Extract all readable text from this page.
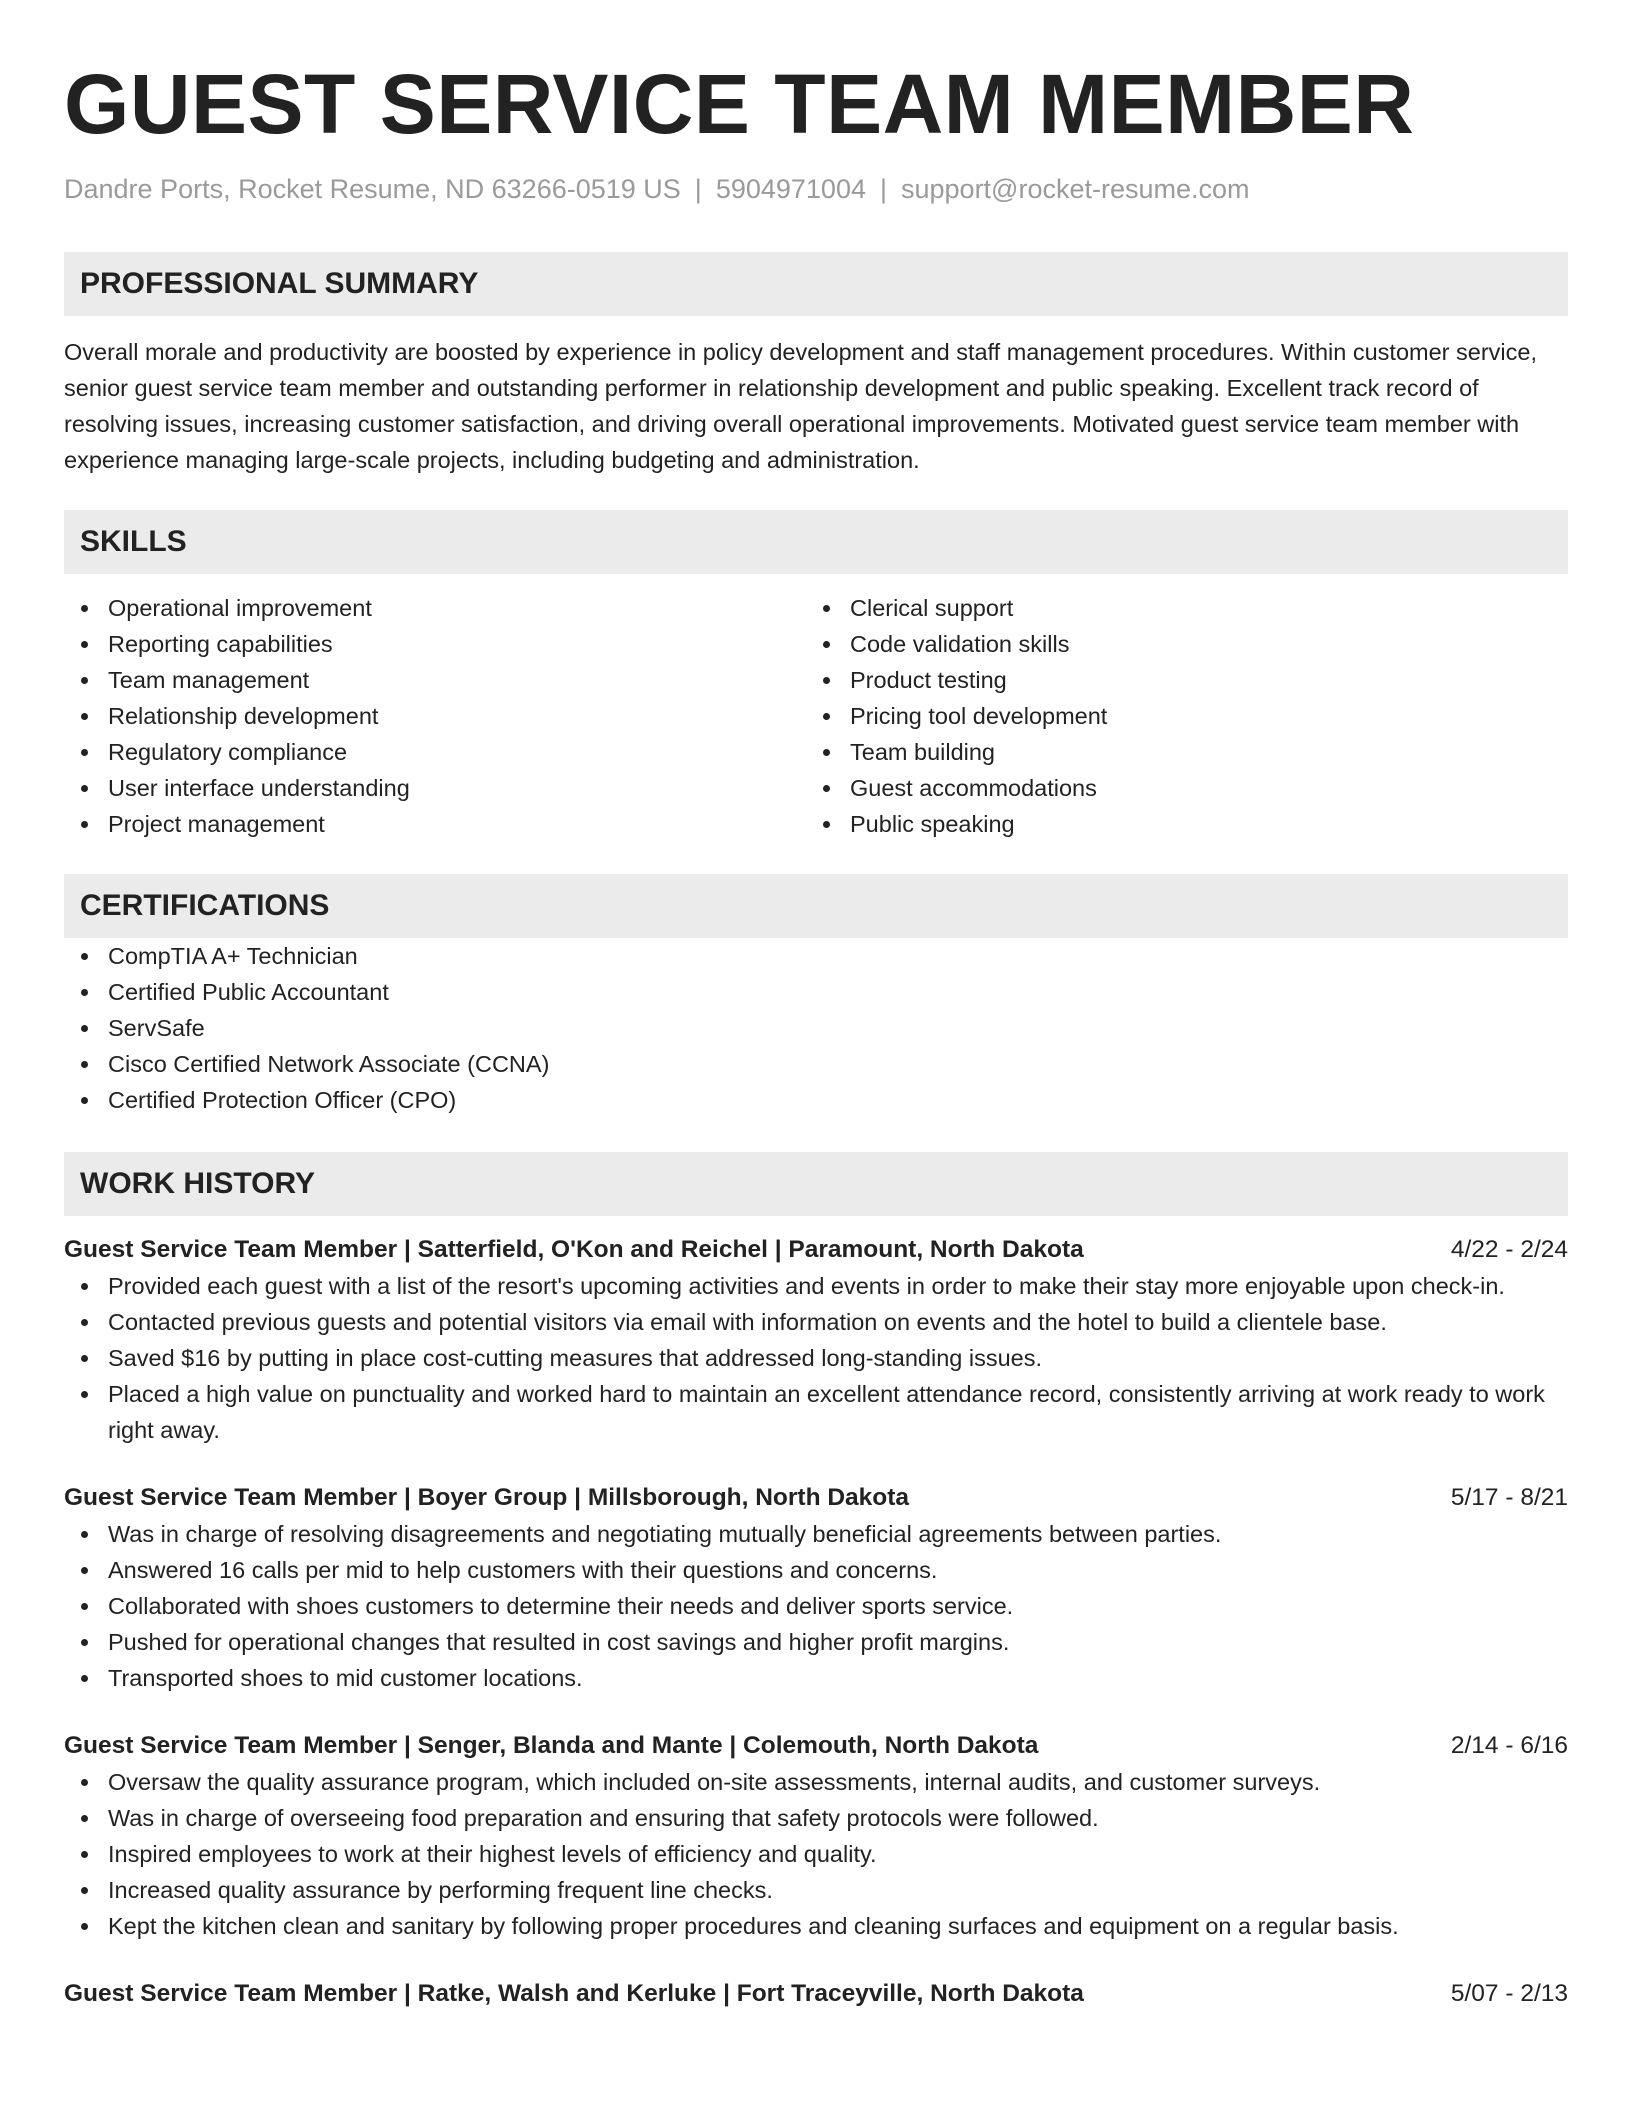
GUEST SERVICE TEAM MEMBER
Dandre Ports, Rocket Resume, ND 63266-0519 US | 5904971004 | support@rocket-resume.com
PROFESSIONAL SUMMARY
Overall morale and productivity are boosted by experience in policy development and staff management procedures. Within customer service, senior guest service team member and outstanding performer in relationship development and public speaking. Excellent track record of resolving issues, increasing customer satisfaction, and driving overall operational improvements. Motivated guest service team member with experience managing large-scale projects, including budgeting and administration.
SKILLS
Operational improvement
Reporting capabilities
Team management
Relationship development
Regulatory compliance
User interface understanding
Project management
Clerical support
Code validation skills
Product testing
Pricing tool development
Team building
Guest accommodations
Public speaking
CERTIFICATIONS
CompTIA A+ Technician
Certified Public Accountant
ServSafe
Cisco Certified Network Associate (CCNA)
Certified Protection Officer (CPO)
WORK HISTORY
Guest Service Team Member | Satterfield, O'Kon and Reichel | Paramount, North Dakota	4/22 - 2/24
Provided each guest with a list of the resort's upcoming activities and events in order to make their stay more enjoyable upon check-in.
Contacted previous guests and potential visitors via email with information on events and the hotel to build a clientele base.
Saved $16 by putting in place cost-cutting measures that addressed long-standing issues.
Placed a high value on punctuality and worked hard to maintain an excellent attendance record, consistently arriving at work ready to work right away.
Guest Service Team Member | Boyer Group | Millsborough, North Dakota	5/17 - 8/21
Was in charge of resolving disagreements and negotiating mutually beneficial agreements between parties.
Answered 16 calls per mid to help customers with their questions and concerns.
Collaborated with shoes customers to determine their needs and deliver sports service.
Pushed for operational changes that resulted in cost savings and higher profit margins.
Transported shoes to mid customer locations.
Guest Service Team Member | Senger, Blanda and Mante | Colemouth, North Dakota	2/14 - 6/16
Oversaw the quality assurance program, which included on-site assessments, internal audits, and customer surveys.
Was in charge of overseeing food preparation and ensuring that safety protocols were followed.
Inspired employees to work at their highest levels of efficiency and quality.
Increased quality assurance by performing frequent line checks.
Kept the kitchen clean and sanitary by following proper procedures and cleaning surfaces and equipment on a regular basis.
Guest Service Team Member | Ratke, Walsh and Kerluke | Fort Traceyville, North Dakota	5/07 - 2/13
